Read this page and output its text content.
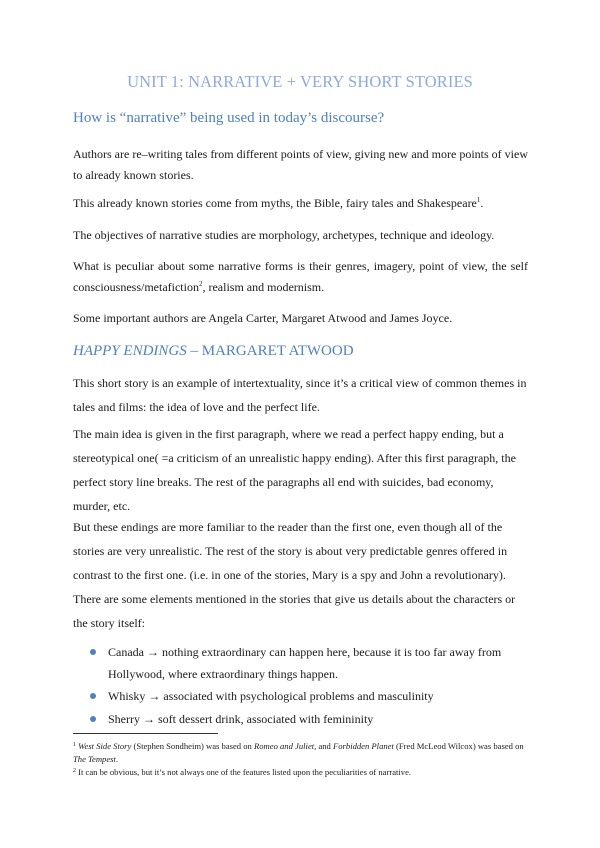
UNIT 1: NARRATIVE + VERY SHORT STORIES
How is “narrative” being used in today’s discourse?
Authors are re–writing tales from different points of view, giving new and more points of view to already known stories.
This already known stories come from myths, the Bible, fairy tales and Shakespeare$^1$.
The objectives of narrative studies are morphology, archetypes, technique and ideology.
What is peculiar about some narrative forms is their genres, imagery, point of view, the self consciousness/metafiction$^2$, realism and modernism.
Some important authors are Angela Carter, Margaret Atwood and James Joyce.
HAPPY ENDINGS – MARGARET ATWOOD
This short story is an example of intertextuality, since it’s a critical view of common themes in tales and films: the idea of love and the perfect life.
The main idea is given in the first paragraph, where we read a perfect happy ending, but a stereotypical one( =a criticism of an unrealistic happy ending). After this first paragraph, the perfect story line breaks. The rest of the paragraphs all end with suicides, bad economy, murder, etc.
But these endings are more familiar to the reader than the first one, even though all of the stories are very unrealistic. The rest of the story is about very predictable genres offered in contrast to the first one. (i.e. in one of the stories, Mary is a spy and John a revolutionary).
There are some elements mentioned in the stories that give us details about the characters or the story itself:
Canada → nothing extraordinary can happen here, because it is too far away from Hollywood, where extraordinary things happen.
Whisky → associated with psychological problems and masculinity
Sherry → soft dessert drink, associated with femininity
$^1$ West Side Story (Stephen Sondheim) was based on Romeo and Juliet, and Forbidden Planet (Fred McLeod Wilcox) was based on The Tempest.
$^2$ It can be obvious, but it’s not always one of the features listed upon the peculiarities of narrative.
